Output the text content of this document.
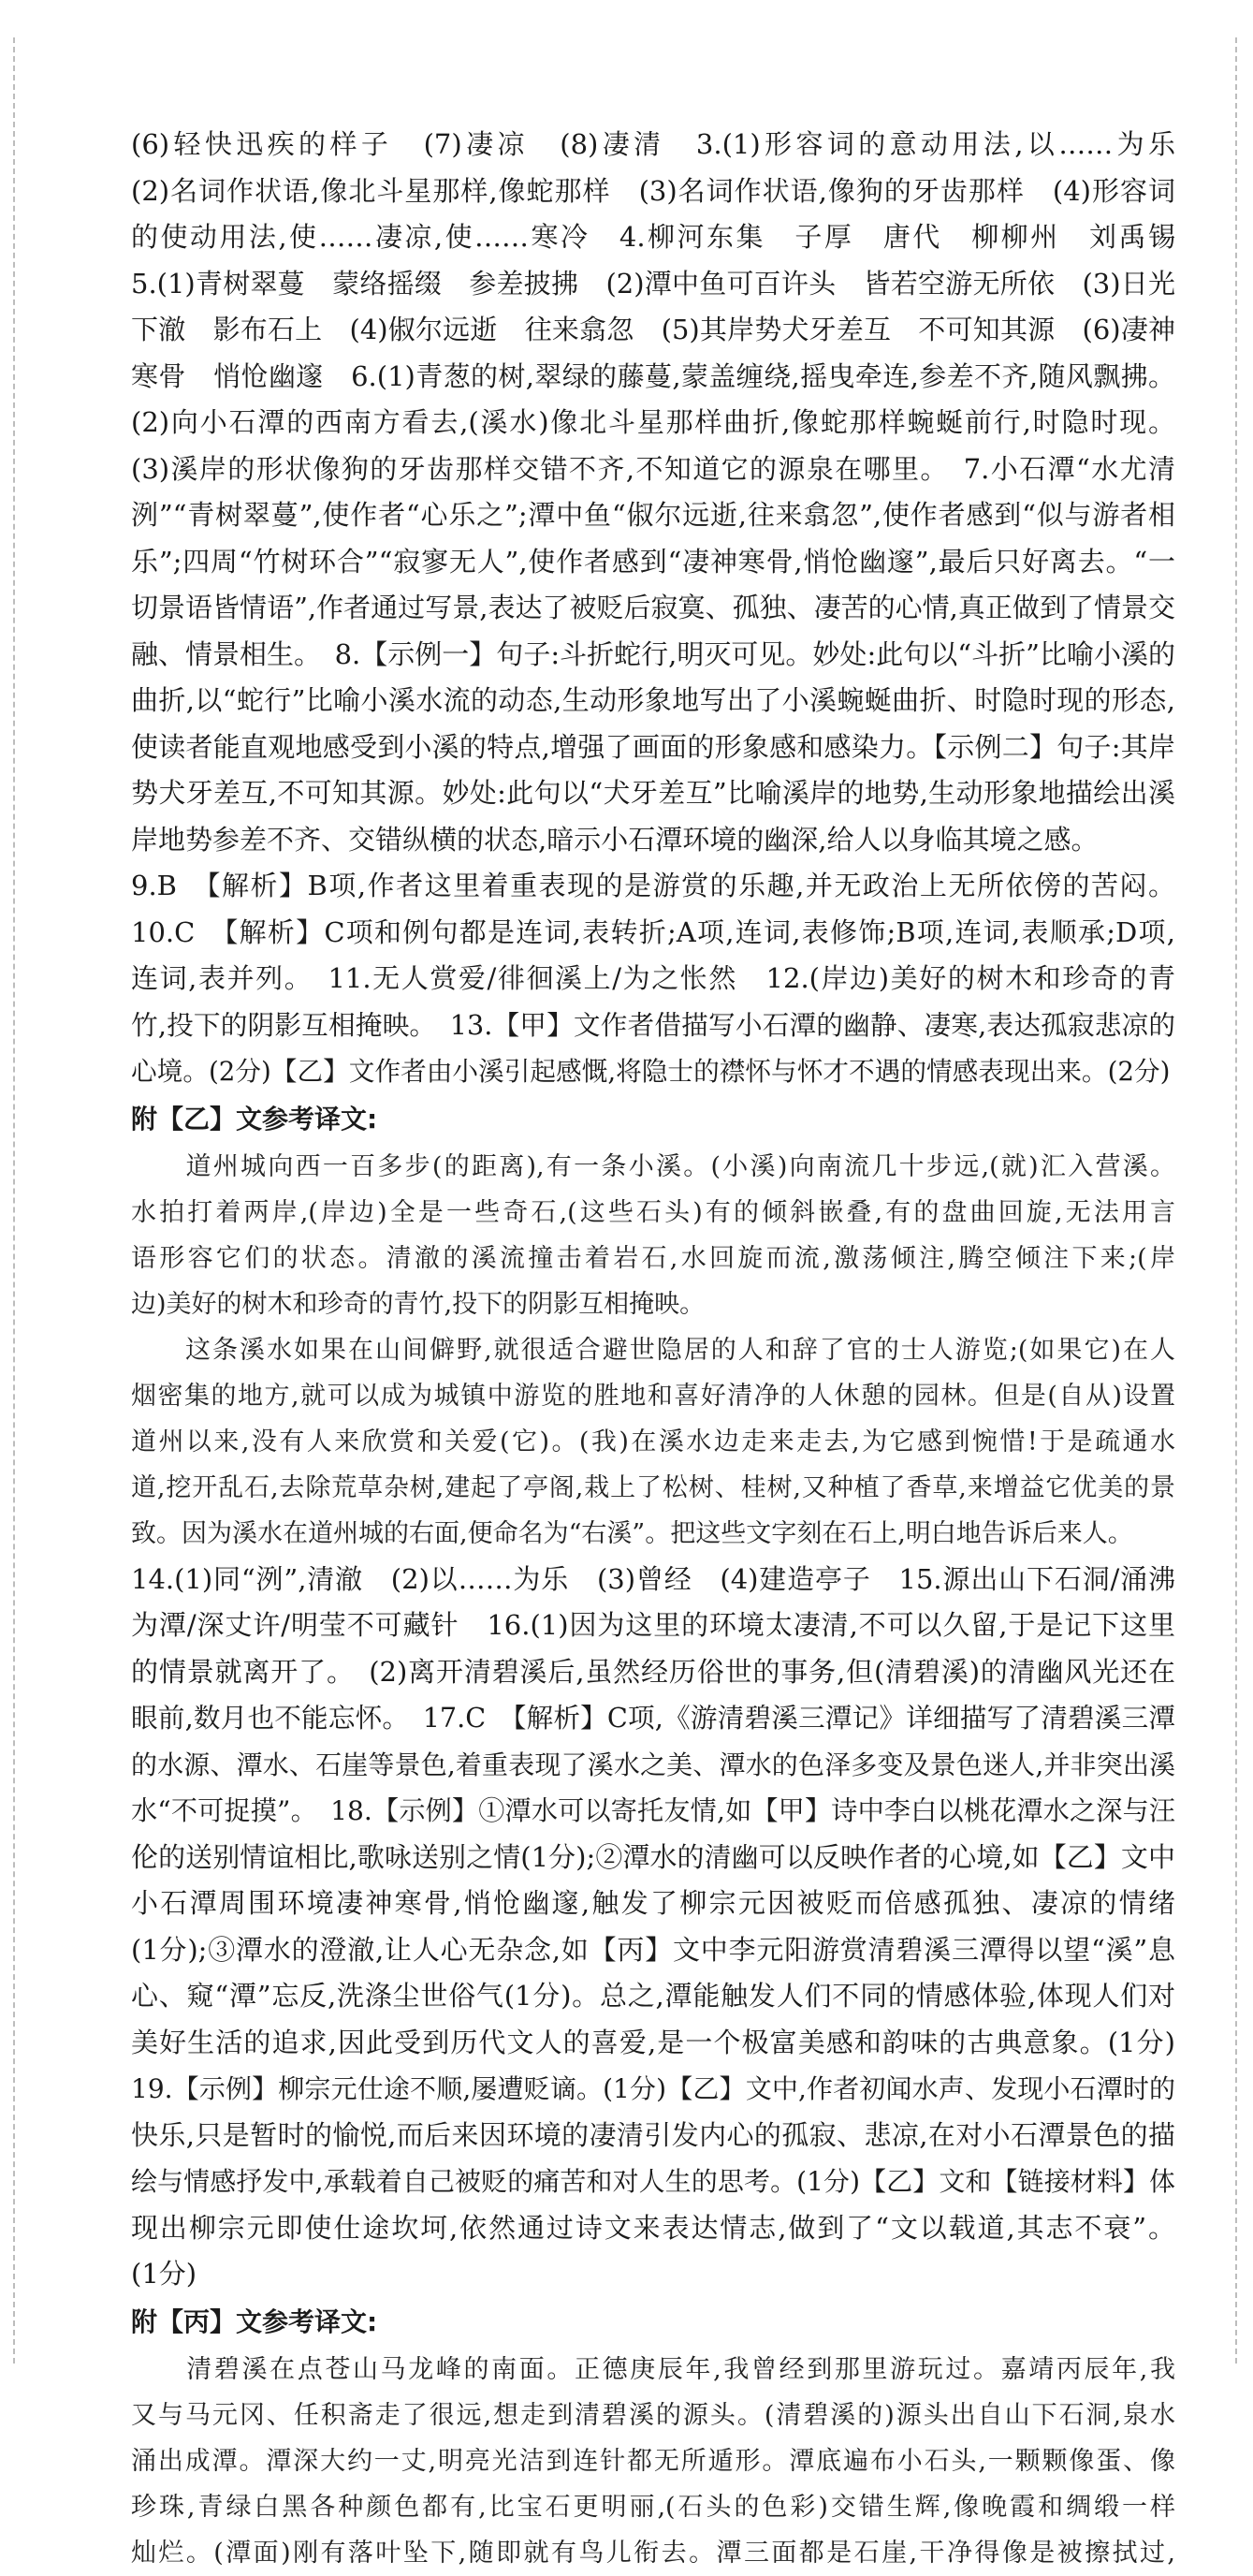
(6)轻快迅疾的样子　(7)凄凉　(8)凄清　3.(1)形容词的意动用法,以……为乐

(2)名词作状语,像北斗星那样,像蛇那样　(3)名词作状语,像狗的牙齿那样　(4)形容词

的使动用法,使……凄凉,使……寒冷　4.柳河东集　子厚　唐代　柳柳州　刘禹锡

5.(1)青树翠蔓　蒙络摇缀　参差披拂　(2)潭中鱼可百许头　皆若空游无所依　(3)日光

下澈　影布石上　(4)俶尔远逝　往来翕忽　(5)其岸势犬牙差互　不可知其源　(6)凄神

寒骨　悄怆幽邃　6.(1)青葱的树,翠绿的藤蔓,蒙盖缠绕,摇曳牵连,参差不齐,随风飘拂。

(2)向小石潭的西南方看去,(溪水)像北斗星那样曲折,像蛇那样蜿蜒前行,时隐时现。

(3)溪岸的形状像狗的牙齿那样交错不齐,不知道它的源泉在哪里。　7.小石潭“水尤清

洌”“青树翠蔓”,使作者“心乐之”;潭中鱼“俶尔远逝,往来翕忽”,使作者感到“似与游者相

乐”;四周“竹树环合”“寂寥无人”,使作者感到“凄神寒骨,悄怆幽邃”,最后只好离去。“一

切景语皆情语”,作者通过写景,表达了被贬后寂寞、孤独、凄苦的心情,真正做到了情景交

融、情景相生。　8.【示例一】句子:斗折蛇行,明灭可见。妙处:此句以“斗折”比喻小溪的

曲折,以“蛇行”比喻小溪水流的动态,生动形象地写出了小溪蜿蜒曲折、时隐时现的形态,

使读者能直观地感受到小溪的特点,增强了画面的形象感和感染力。【示例二】句子:其岸

势犬牙差互,不可知其源。妙处:此句以“犬牙差互”比喻溪岸的地势,生动形象地描绘出溪

岸地势参差不齐、交错纵横的状态,暗示小石潭环境的幽深,给人以身临其境之感。

9.B　【解析】B项,作者这里着重表现的是游赏的乐趣,并无政治上无所依傍的苦闷。

10.C　【解析】C项和例句都是连词,表转折;A项,连词,表修饰;B项,连词,表顺承;D项,

连词,表并列。　11.无人赏爱/徘徊溪上/为之怅然　12.(岸边)美好的树木和珍奇的青

竹,投下的阴影互相掩映。　13.【甲】文作者借描写小石潭的幽静、凄寒,表达孤寂悲凉的

心境。(2分)【乙】文作者由小溪引起感慨,将隐士的襟怀与怀才不遇的情感表现出来。(2分)

附【乙】文参考译文:

　　道州城向西一百多步(的距离),有一条小溪。(小溪)向南流几十步远,(就)汇入营溪。

水拍打着两岸,(岸边)全是一些奇石,(这些石头)有的倾斜嵌叠,有的盘曲回旋,无法用言

语形容它们的状态。清澈的溪流撞击着岩石,水回旋而流,激荡倾注,腾空倾注下来;(岸

边)美好的树木和珍奇的青竹,投下的阴影互相掩映。

　　这条溪水如果在山间僻野,就很适合避世隐居的人和辞了官的士人游览;(如果它)在人

烟密集的地方,就可以成为城镇中游览的胜地和喜好清净的人休憩的园林。但是(自从)设置

道州以来,没有人来欣赏和关爱(它)。(我)在溪水边走来走去,为它感到惋惜!于是疏通水

道,挖开乱石,去除荒草杂树,建起了亭阁,栽上了松树、桂树,又种植了香草,来增益它优美的景

致。因为溪水在道州城的右面,便命名为“右溪”。把这些文字刻在石上,明白地告诉后来人。

14.(1)同“洌”,清澈　(2)以……为乐　(3)曾经　(4)建造亭子　15.源出山下石洞/涌沸

为潭/深丈许/明莹不可藏针　16.(1)因为这里的环境太凄清,不可以久留,于是记下这里

的情景就离开了。　(2)离开清碧溪后,虽然经历俗世的事务,但(清碧溪)的清幽风光还在

眼前,数月也不能忘怀。　17.C　【解析】C项,《游清碧溪三潭记》详细描写了清碧溪三潭

的水源、潭水、石崖等景色,着重表现了溪水之美、潭水的色泽多变及景色迷人,并非突出溪

水“不可捉摸”。　18.【示例】①潭水可以寄托友情,如【甲】诗中李白以桃花潭水之深与汪

伦的送别情谊相比,歌咏送别之情(1分);②潭水的清幽可以反映作者的心境,如【乙】文中

小石潭周围环境凄神寒骨,悄怆幽邃,触发了柳宗元因被贬而倍感孤独、凄凉的情绪

(1分);③潭水的澄澈,让人心无杂念,如【丙】文中李元阳游赏清碧溪三潭得以望“溪”息

心、窥“潭”忘反,洗涤尘世俗气(1分)。总之,潭能触发人们不同的情感体验,体现人们对

美好生活的追求,因此受到历代文人的喜爱,是一个极富美感和韵味的古典意象。(1分)

19.【示例】柳宗元仕途不顺,屡遭贬谪。(1分)【乙】文中,作者初闻水声、发现小石潭时的

快乐,只是暂时的愉悦,而后来因环境的凄清引发内心的孤寂、悲凉,在对小石潭景色的描

绘与情感抒发中,承载着自己被贬的痛苦和对人生的思考。(1分)【乙】文和【链接材料】体

现出柳宗元即使仕途坎坷,依然通过诗文来表达情志,做到了“文以载道,其志不衰”。

(1分)

附【丙】文参考译文:

　　清碧溪在点苍山马龙峰的南面。正德庚辰年,我曾经到那里游玩过。嘉靖丙辰年,我

又与马元冈、任积斋走了很远,想走到清碧溪的源头。(清碧溪的)源头出自山下石洞,泉水

涌出成潭。潭深大约一丈,明亮光洁到连针都无所遁形。潭底遍布小石头,一颗颗像蛋、像

珍珠,青绿白黑各种颜色都有,比宝石更明丽,(石头的色彩)交错生辉,像晚霞和绸缎一样

灿烂。(潭面)刚有落叶坠下,随即就有鸟儿衔去。潭三面都是石崖,干净得像是被擦拭过,
